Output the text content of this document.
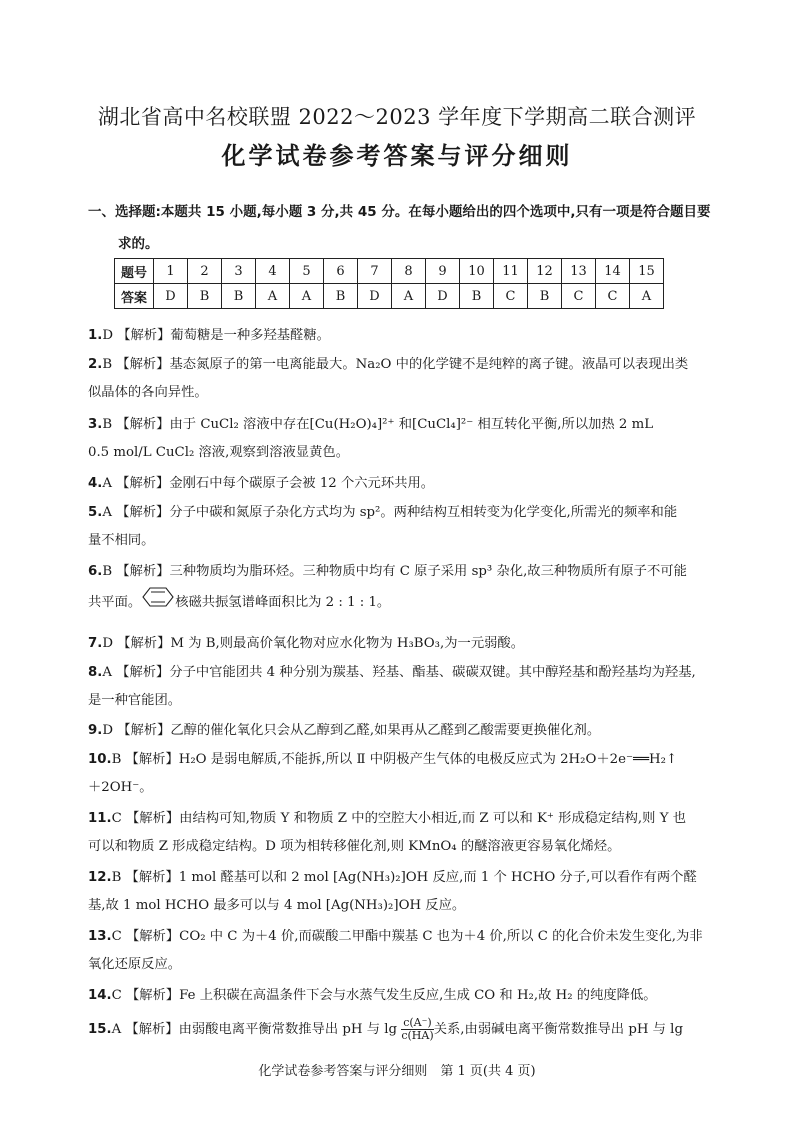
湖北省高中名校联盟 2022～2023 学年度下学期高二联合测评
化学试卷参考答案与评分细则
一、选择题:本题共 15 小题,每小题 3 分,共 45 分。在每小题给出的四个选项中,只有一项是符合题目要
求的。
题号	1	2	3	4	5	6	7	8	9	10	11	12	13	14	15
答案	D	B	B	A	A	B	D	A	D	B	C	B	C	C	A

1.D 【解析】葡萄糖是一种多羟基醛糖。

2.B 【解析】基态氮原子的第一电离能最大。Na₂O 中的化学键不是纯粹的离子键。液晶可以表现出类

似晶体的各向异性。

3.B 【解析】由于 CuCl₂ 溶液中存在[Cu(H₂O)₄]²⁺ 和[CuCl₄]²⁻ 相互转化平衡,所以加热 2 mL

0.5 mol/L CuCl₂ 溶液,观察到溶液显黄色。

4.A 【解析】金刚石中每个碳原子会被 12 个六元环共用。

5.A 【解析】分子中碳和氮原子杂化方式均为 sp²。两种结构互相转变为化学变化,所需光的频率和能

量不相同。

6.B 【解析】三种物质均为脂环烃。三种物质中均有 C 原子采用 sp³ 杂化,故三种物质所有原子不可能

共平面。	核磁共振氢谱峰面积比为 2 : 1 : 1。

7.D 【解析】M 为 B,则最高价氧化物对应水化物为 H₃BO₃,为一元弱酸。

8.A 【解析】分子中官能团共 4 种分别为羰基、羟基、酯基、碳碳双键。其中醇羟基和酚羟基均为羟基,

是一种官能团。

9.D 【解析】乙醇的催化氧化只会从乙醇到乙醛,如果再从乙醛到乙酸需要更换催化剂。

10.B 【解析】H₂O 是弱电解质,不能拆,所以 Ⅱ 中阴极产生气体的电极反应式为 2H₂O＋2e⁻══H₂↑

＋2OH⁻。

11.C 【解析】由结构可知,物质 Y 和物质 Z 中的空腔大小相近,而 Z 可以和 K⁺ 形成稳定结构,则 Y 也

可以和物质 Z 形成稳定结构。D 项为相转移催化剂,则 KMnO₄ 的醚溶液更容易氧化烯烃。

12.B 【解析】1 mol 醛基可以和 2 mol [Ag(NH₃)₂]OH 反应,而 1 个 HCHO 分子,可以看作有两个醛

基,故 1 mol HCHO 最多可以与 4 mol [Ag(NH₃)₂]OH 反应。

13.C 【解析】CO₂ 中 C 为＋4 价,而碳酸二甲酯中羰基 C 也为＋4 价,所以 C 的化合价未发生变化,为非

氧化还原反应。

14.C 【解析】Fe 上积碳在高温条件下会与水蒸气发生反应,生成 CO 和 H₂,故 H₂ 的纯度降低。

15.A 【解析】由弱酸电离平衡常数推导出 pH 与 $\lg \frac{c(A^-)}{c(HA)}$关系,由弱碱电离平衡常数推导出 pH 与 lg

化学试卷参考答案与评分细则　第 1 页(共 4 页)
